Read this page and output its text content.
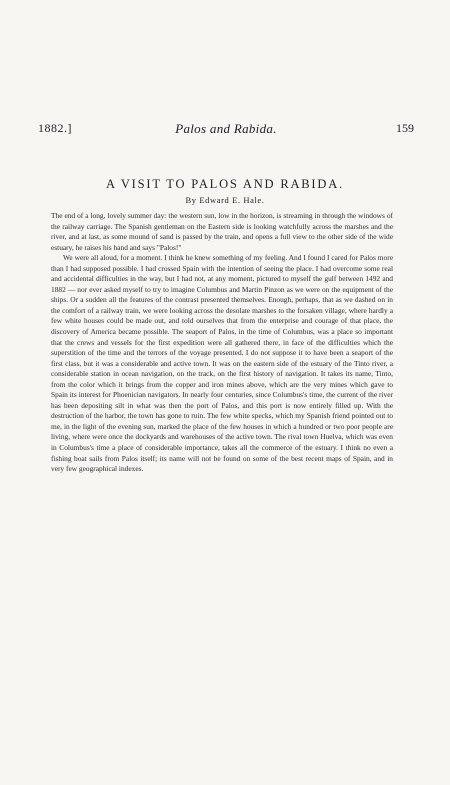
1882.]	Palos and Rabida.	159
A VISIT TO PALOS AND RABIDA.
By Edward E. Hale.

The end of a long, lovely summer day: the western sun, low in the horizon, is streaming in through the windows of the railway carriage. The Spanish gentleman on the Eastern side is looking watchfully across the marshes and the river, and at last, as some mound of sand is passed by the train, and opens a full view to the other side of the wide estuary, he raises his hand and says "Palos!"

We were all aloud, for a moment. I think he knew something of my feeling. And I found I cared for Palos more than I had supposed possible. I had crossed Spain with the intention of seeing the place. I had overcome some real and accidental difficulties in the way, but I had not, at any moment, pictured to myself the gulf between 1492 and 1882 — nor ever asked myself to try to imagine Columbus and Martin Pinzon as we were on the equipment of the ships. Or a sudden all the features of the contrast presented themselves. Enough, perhaps, that as we dashed on in the comfort of a railway train, we were looking across the desolate marshes to the forsaken village, where hardly a few white houses could be made out, and told ourselves that from the enterprise and courage of that place, the discovery of America became possible. The seaport of Palos, in the time of Columbus, was a place so important that the crews and vessels for the first expedition were all gathered there, in face of the difficulties which the superstition of the time and the terrors of the voyage presented. I do not suppose it to have been a seaport of the first class, but it was a considerable and active town. It was on the eastern side of the estuary of the Tinto river, a considerable station in ocean navigation, on the track, on the first history of navigation. It takes its name, Tinto, from the color which it brings from the copper and iron mines above, which are the very mines which gave to Spain its interest for Phoenician navigators. In nearly four centuries, since Columbus's time, the current of the river has been depositing silt in what was then the port of Palos, and this port is now entirely filled up. With the destruction of the harbor, the town has gone to ruin. The few white specks, which my Spanish friend pointed out to me, in the light of the evening sun, marked the place of the few houses in which a hundred or two poor people are living, where were once the dockyards and warehouses of the active town. The rival town Huelva, which was even in Columbus's time a place of considerable importance, takes all the commerce of the estuary. I think no even a fishing boat sails from Palos itself; its name will not be found on some of the best recent maps of Spain, and in very few geographical indexes.
